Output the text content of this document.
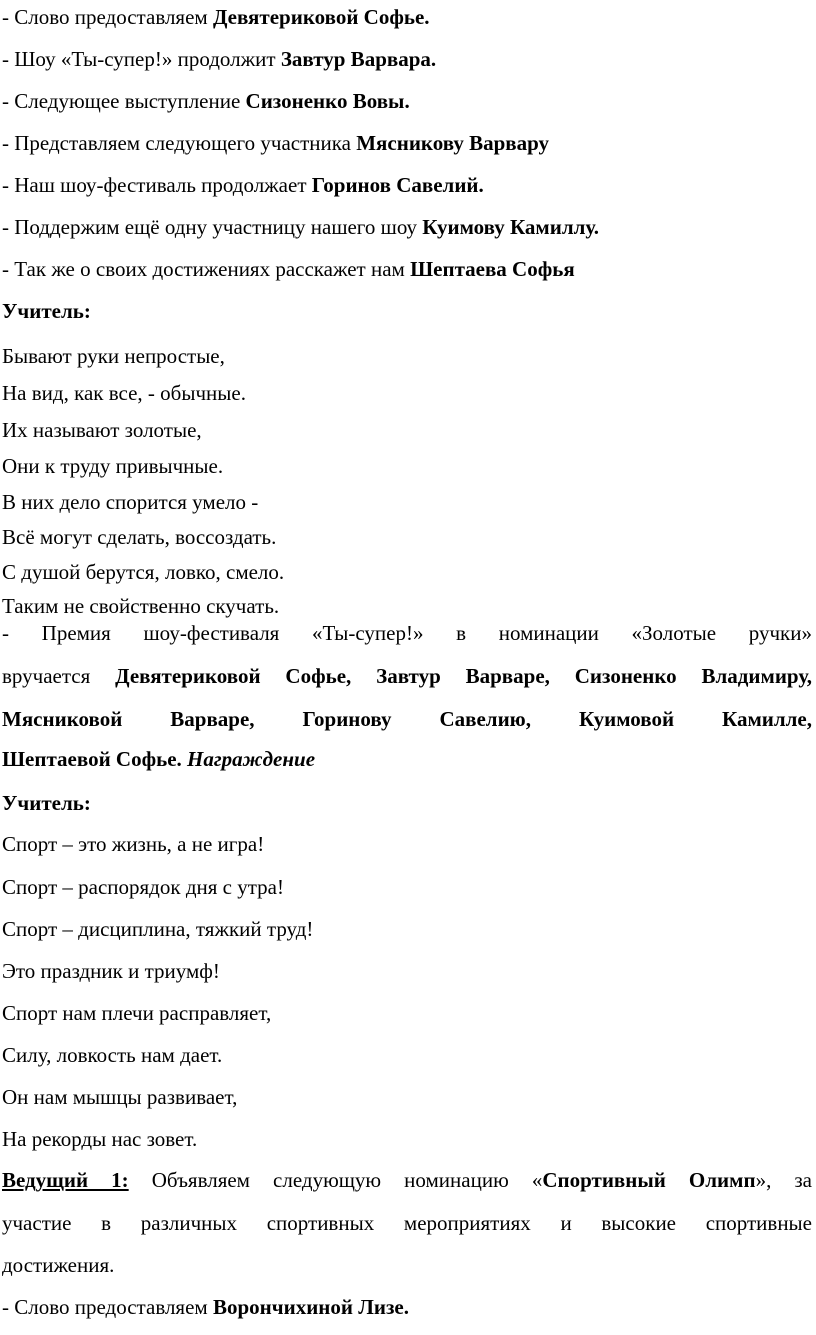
- Слово предоставляем Девятериковой Софье.
- Шоу «Ты-супер!» продолжит Завтур Варвара.
- Следующее выступление Сизоненко Вовы.
- Представляем следующего участника Мясникову Варвару
- Наш шоу-фестиваль продолжает Горинов Савелий.
- Поддержим ещё одну участницу нашего шоу Куимову Камиллу.
- Так же о своих достижениях расскажет нам Шептаева Софья
Учитель:
Бывают руки непростые,
На вид, как все, - обычные.
Их называют золотые,
Они к труду привычные.
В них дело спорится умело -
Всё могут сделать, воссоздать.
С душой берутся, ловко, смело.
Таким не свойственно скучать.
- Премия шоу-фестиваля «Ты-супер!» в номинации «Золотые ручки»
вручается Девятериковой Софье, Завтур Варваре, Сизоненко Владимиру,
Мясниковой Варваре, Горинову Савелию, Куимовой Камилле,
Шептаевой Софье. Награждение
Учитель:
Спорт – это жизнь, а не игра!
Спорт – распорядок дня с утра!
Спорт – дисциплина, тяжкий труд!
Это праздник и триумф!
Спорт нам плечи расправляет,
Силу, ловкость нам дает.
Он нам мышцы развивает,
На рекорды нас зовет.
Ведущий 1: Объявляем следующую номинацию «Спортивный Олимп», за
участие в различных спортивных мероприятиях и высокие спортивные
достижения.
- Слово предоставляем Ворончихиной Лизе.
